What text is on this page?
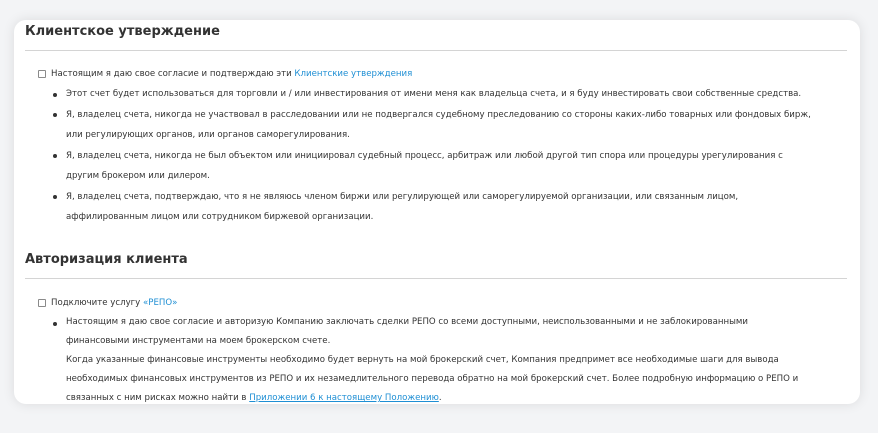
Клиентское утверждение
Настоящим я даю свое согласие и подтверждаю эти
Клиентские утверждения
Этот счет будет использоваться для торговли и / или инвестирования от имени меня как владельца счета, и я буду инвестировать свои собственные средства.
Я, владелец счета, никогда не участвовал в расследовании или не подвергался судебному преследованию со стороны каких-либо товарных или фондовых бирж,
или регулирующих органов, или органов саморегулирования.
Я, владелец счета, никогда не был объектом или инициировал судебный процесс, арбитраж или любой другой тип спора или процедуры урегулирования с
другим брокером или дилером.
Я, владелец счета, подтверждаю, что я не являюсь членом биржи или регулирующей или саморегулируемой организации, или связанным лицом,
аффилированным лицом или сотрудником биржевой организации.
Авторизация клиента
Подключите услугу
«РЕПО»
Настоящим я даю свое согласие и авторизую Компанию заключать сделки РЕПО со всеми доступными, неиспользованными и не заблокированными
финансовыми инструментами на моем брокерском счете.
Когда указанные финансовые инструменты необходимо будет вернуть на мой брокерский счет, Компания предпримет все необходимые шаги для вывода
необходимых финансовых инструментов из РЕПО и их незамедлительного перевода обратно на мой брокерский счет. Более подробную информацию о РЕПО и
связанных с ним рисках можно найти в Приложении 6 к настоящему Положению.
